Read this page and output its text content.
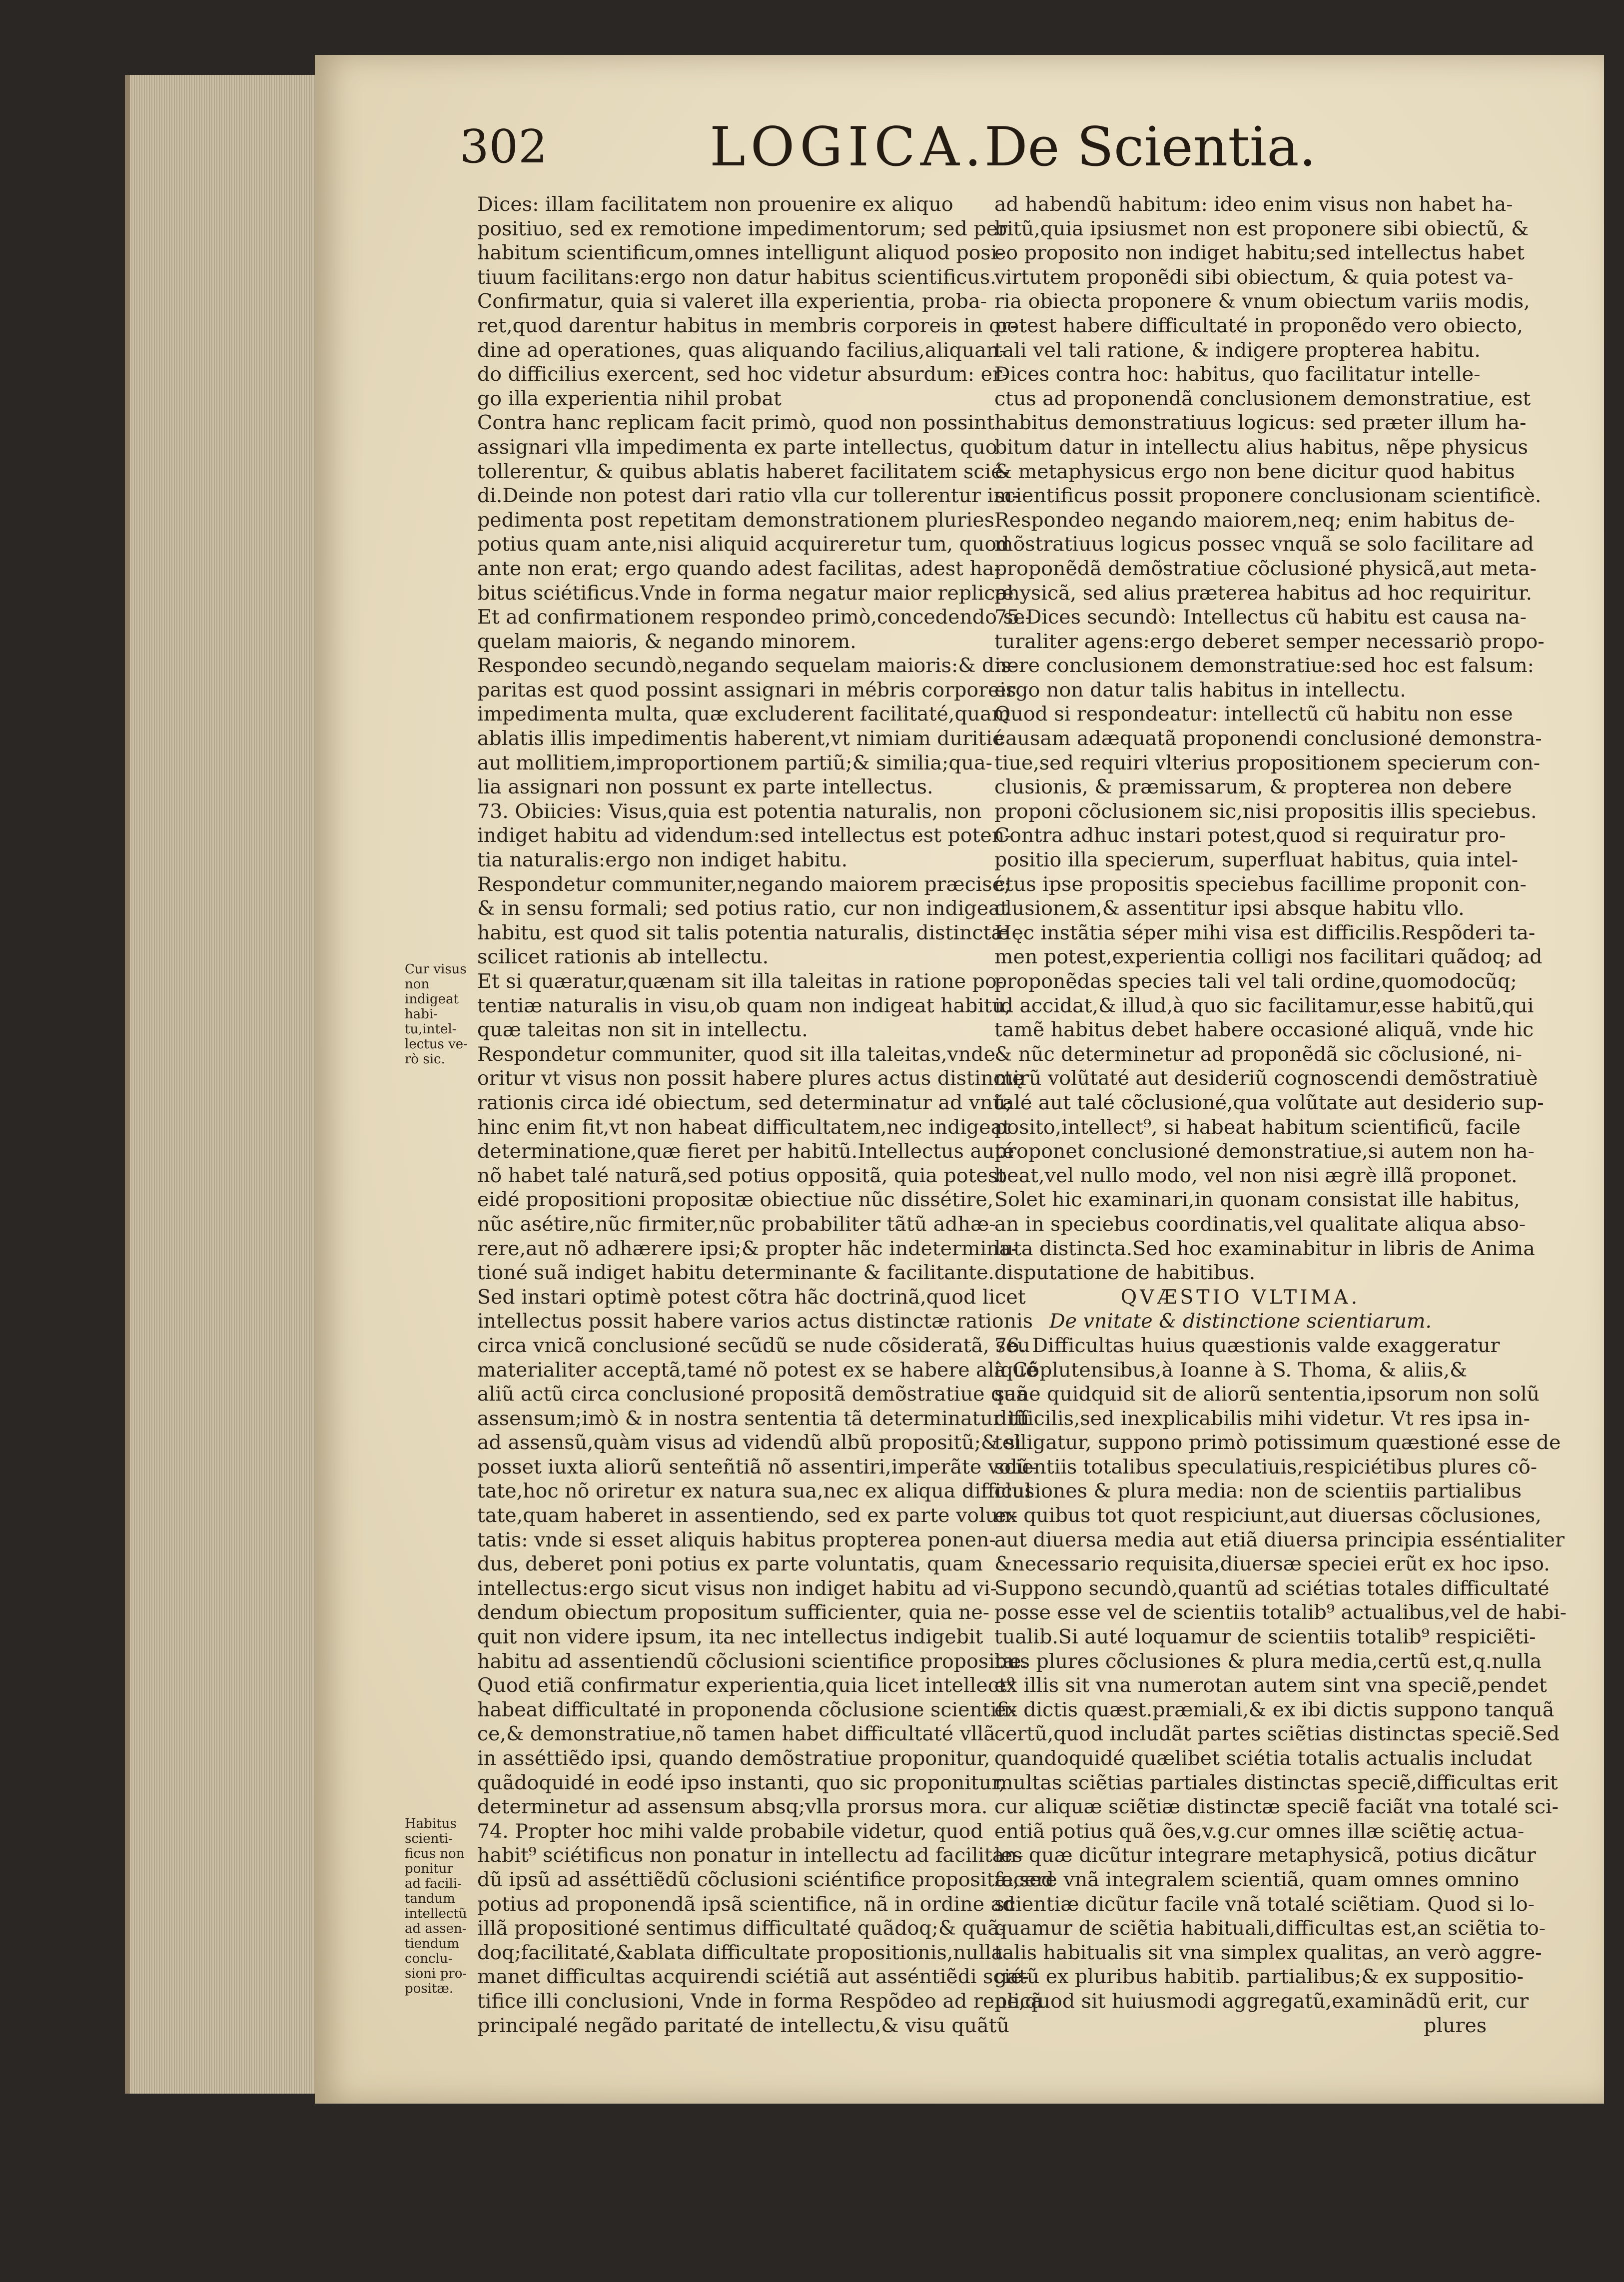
302	LOGICA.
De Scientia.
Cur visus non indigeat habi-tu,intel-lectus ve-rò sic.
Habitus scienti-ficus non ponitur ad facili-tandum intellectũ ad assen-tiendum conclu-sioni pro-positæ.
Dices: illam facilitatem non prouenire ex aliquo
positiuo, sed ex remotione impedimentorum; sed per
habitum scientificum,omnes intelligunt aliquod posi-
tiuum facilitans:ergo non datur habitus scientificus.
Confirmatur, quia si valeret illa experientia, proba-
ret,quod darentur habitus in membris corporeis in or-
dine ad operationes, quas aliquando facilius,aliquan-
do difficilius exercent, sed hoc videtur absurdum: er-
go illa experientia nihil probat
Contra hanc replicam facit primò, quod non possint
assignari vlla impedimenta ex parte intellectus, quo
tollerentur, & quibus ablatis haberet facilitatem scié-
di.Deinde non potest dari ratio vlla cur tollerentur im-
pedimenta post repetitam demonstrationem pluries
potius quam ante,nisi aliquid acquireretur tum, quod
ante non erat; ergo quando adest facilitas, adest ha-
bitus sciétificus.Vnde in forma negatur maior replicæ.
Et ad confirmationem respondeo primò,concedendo se-
quelam maioris, & negando minorem.
Respondeo secundò,negando sequelam maioris:& dis-
paritas est quod possint assignari in mébris corporeis
impedimenta multa, quæ excluderent facilitaté,quam
ablatis illis impedimentis haberent,vt nimiam duritié
aut mollitiem,improportionem partiũ;& similia;qua-
lia assignari non possunt ex parte intellectus.
73. Obiicies: Visus,quia est potentia naturalis, non
indiget habitu ad videndum:sed intellectus est poten-
tia naturalis:ergo non indiget habitu.
Respondetur communiter,negando maiorem præcisé;
& in sensu formali; sed potius ratio, cur non indigeat
habitu, est quod sit talis potentia naturalis, distinctæ
scilicet rationis ab intellectu.
Et si quæratur,quænam sit illa taleitas in ratione po-
tentiæ naturalis in visu,ob quam non indigeat habitu,
quæ taleitas non sit in intellectu.
Respondetur communiter, quod sit illa taleitas,vnde
oritur vt visus non possit habere plures actus distinctę
rationis circa idé obiectum, sed determinatur ad vnũ;
hinc enim fit,vt non habeat difficultatem,nec indigeat
determinatione,quæ fieret per habitũ.Intellectus auté
nõ habet talé naturã,sed potius oppositã, quia potest
eidé propositioni propositæ obiectiue nũc dissétire,
nũc asétire,nũc firmiter,nũc probabiliter tãtũ adhæ-
rere,aut nõ adhærere ipsi;& propter hãc indetermina-
tioné suã indiget habitu determinante & facilitante.
Sed instari optimè potest cõtra hãc doctrinã,quod licet
intellectus possit habere varios actus distinctæ rationis
circa vnicã conclusioné secũdũ se nude cõsideratã, seu
materialiter acceptã,tamé nõ potest ex se habere aliqué
aliũ actũ circa conclusioné propositã demõstratiue quã
assensum;imò & in nostra sententia tã determinatur tũ
ad assensũ,quàm visus ad videndũ albũ propositũ;& si
posset iuxta aliorũ senteñtiã nõ assentiri,imperãte volũ-
tate,hoc nõ oriretur ex natura sua,nec ex aliqua difficul
tate,quam haberet in assentiendo, sed ex parte volun-
tatis: vnde si esset aliquis habitus propterea ponen-
dus, deberet poni potius ex parte voluntatis, quam
intellectus:ergo sicut visus non indiget habitu ad vi-
dendum obiectum propositum sufficienter, quia ne-
quit non videre ipsum, ita nec intellectus indigebit
habitu ad assentiendũ cõclusioni scientifice propositæ.
Quod etiã confirmatur experientia,quia licet intellect⁹
habeat difficultaté in proponenda cõclusione scientifi-
ce,& demonstratiue,nõ tamen habet difficultaté vllã
in asséttiẽdo ipsi, quando demõstratiue proponitur,
quãdoquidé in eodé ipso instanti, quo sic proponitur,
determinetur ad assensum absq;vlla prorsus mora.
74. Propter hoc mihi valde probabile videtur, quod
habit⁹ sciétificus non ponatur in intellectu ad facilitan-
dũ ipsũ ad asséttiẽdũ cõclusioni sciéntifice propositæ,sed
potius ad proponendã ipsã scientifice, nã in ordine ad
illã propositioné sentimus difficultaté quãdoq;& quã-
doq;facilitaté,&ablata difficultate propositionis,nulla
manet difficultas acquirendi sciétiã aut asséntiẽdi scié-
tifice illi conclusioni, Vnde in forma Respõdeo ad replicã
principalé negãdo paritaté de intellectu,& visu quãtũ
ad habendũ habitum: ideo enim visus non habet ha-
bitũ,quia ipsiusmet non est proponere sibi obiectũ, &
eo proposito non indiget habitu;sed intellectus habet
virtutem proponẽdi sibi obiectum, & quia potest va-
ria obiecta proponere & vnum obiectum variis modis,
potest habere difficultaté in proponẽdo vero obiecto,
tali vel tali ratione, & indigere propterea habitu.
Dices contra hoc: habitus, quo facilitatur intelle-
ctus ad proponendã conclusionem demonstratiue, est
habitus demonstratiuus logicus: sed præter illum ha-
bitum datur in intellectu alius habitus, nẽpe physicus
& metaphysicus ergo non bene dicitur quod habitus
scientificus possit proponere conclusionam scientificè.
Respondeo negando maiorem,neq; enim habitus de-
mõstratiuus logicus possec vnquã se solo facilitare ad
proponẽdã demõstratiue cõclusioné physicã,aut meta-
physicã, sed alius præterea habitus ad hoc requiritur.
75.Dices secundò: Intellectus cũ habitu est causa na-
turaliter agens:ergo deberet semper necessariò propo-
nere conclusionem demonstratiue:sed hoc est falsum:
ergo non datur talis habitus in intellectu.
Quod si respondeatur: intellectũ cũ habitu non esse
causam adæquatã proponendi conclusioné demonstra-
tiue,sed requiri vlterius propositionem specierum con-
clusionis, & præmissarum, & propterea non debere
proponi cõclusionem sic,nisi propositis illis speciebus.
Contra adhuc instari potest,quod si requiratur pro-
positio illa specierum, superfluat habitus, quia intel-
ctus ipse propositis speciebus facillime proponit con-
clusionem,& assentitur ipsi absque habitu vllo.
Hęc instãtia séper mihi visa est difficilis.Respõderi ta-
men potest,experientia colligi nos facilitari quãdoq; ad
proponẽdas species tali vel tali ordine,quomodocũq;
id accidat,& illud,à quo sic facilitamur,esse habitũ,qui
tamẽ habitus debet habere occasioné aliquã, vnde hic
& nũc determinetur ad proponẽdã sic cõclusioné, ni-
mirũ volũtaté aut desideriũ cognoscendi demõstratiuè
talé aut talé cõclusioné,qua volũtate aut desiderio sup-
posito,intellect⁹, si habeat habitum scientificũ, facile
proponet conclusioné demonstratiue,si autem non ha-
beat,vel nullo modo, vel non nisi ægrè illã proponet.
Solet hic examinari,in quonam consistat ille habitus,
an in speciebus coordinatis,vel qualitate aliqua abso-
luta distincta.Sed hoc examinabitur in libris de Anima
disputatione de habitibus.
QVÆSTIO VLTIMA.
De vnitate & distinctione scientiarum.
76. Difficultas huius quæstionis valde exaggeratur
à Cõplutensibus,à Ioanne à S. Thoma, & aliis,&
sane quidquid sit de aliorũ sententia,ipsorum non solũ
difficilis,sed inexplicabilis mihi videtur. Vt res ipsa in-
telligatur, suppono primò potissimum quæstioné esse de
scientiis totalibus speculatiuis,respiciétibus plures cõ-
clusiones & plura media: non de scientiis partialibus
ex quibus tot quot respiciunt,aut diuersas cõclusiones,
aut diuersa media aut etiã diuersa principia esséntialiter
&necessario requisita,diuersæ speciei erũt ex hoc ipso.
Suppono secundò,quantũ ad sciétias totales difficultaté
posse esse vel de scientiis totalib⁹ actualibus,vel de habi-
tualib.Si auté loquamur de scientiis totalib⁹ respiciẽti-
bus plures cõclusiones & plura media,certũ est,q.nulla
ex illis sit vna numerotan autem sint vna speciẽ,pendet
ex dictis quæst.præmiali,& ex ibi dictis suppono tanquã
certũ,quod includãt partes sciẽtias distinctas speciẽ.Sed
quandoquidé quælibet sciétia totalis actualis includat
multas sciẽtias partiales distinctas speciẽ,difficultas erit
cur aliquæ sciẽtiæ distinctæ speciẽ faciãt vna totalé sci-
entiã potius quã ões,v.g.cur omnes illæ sciẽtię actua-
les quæ dicũtur integrare metaphysicã, potius dicãtur
facere vnã integralem scientiã, quam omnes omnino
scientiæ dicũtur facile vnã totalé sciẽtiam. Quod si lo-
quamur de sciẽtia habituali,difficultas est,an sciẽtia to-
talis habitualis sit vna simplex qualitas, an verò aggre-
gatũ ex pluribus habitib. partialibus;& ex suppositio-
ne,quod sit huiusmodi aggregatũ,examinãdũ erit, cur
plures
